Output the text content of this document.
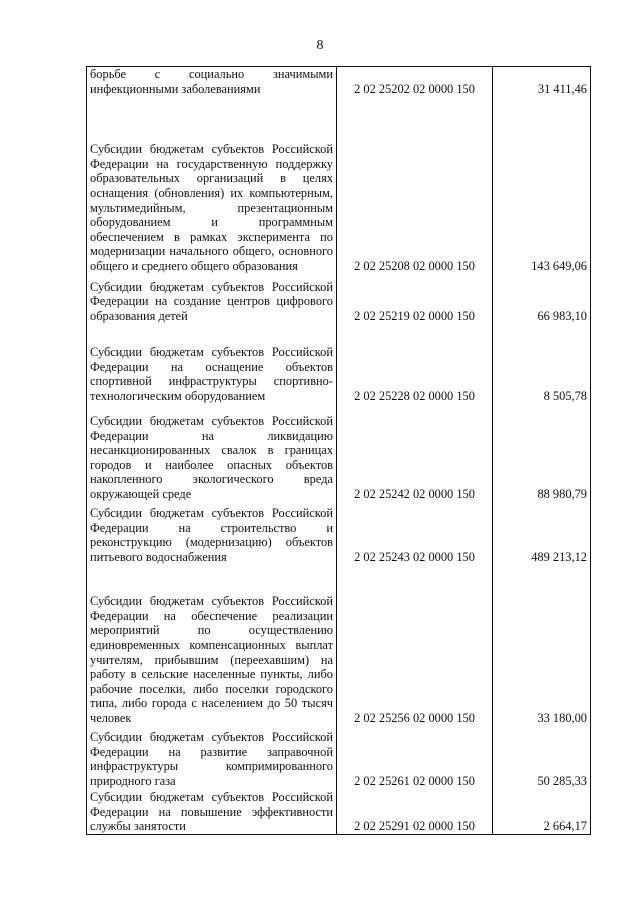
8
борьбе с социально значимыми инфекционными заболеваниями	2 02 25202 02 0000 150	31 411,46
Субсидии бюджетам субъектов Российской Федерации на государственную поддержку образовательных организаций в целях оснащения (обновления) их компьютерным, мультимедийным, презентационным оборудованием и программным обеспечением в рамках эксперимента по модернизации начального общего, основного общего и среднего общего образования	2 02 25208 02 0000 150	143 649,06
Субсидии бюджетам субъектов Российской Федерации на создание центров цифрового образования детей	2 02 25219 02 0000 150	66 983,10
Субсидии бюджетам субъектов Российской Федерации на оснащение объектов спортивной инфраструктуры спортивно-технологическим оборудованием	2 02 25228 02 0000 150	8 505,78
Субсидии бюджетам субъектов Российской Федерации на ликвидацию несанкционированных свалок в границах городов и наиболее опасных объектов накопленного экологического вреда окружающей среде	2 02 25242 02 0000 150	88 980,79
Субсидии бюджетам субъектов Российской Федерации на строительство и реконструкцию (модернизацию) объектов питьевого водоснабжения	2 02 25243 02 0000 150	489 213,12
Субсидии бюджетам субъектов Российской Федерации на обеспечение реализации мероприятий по осуществлению единовременных компенсационных выплат учителям, прибывшим (переехавшим) на работу в сельские населенные пункты, либо рабочие поселки, либо поселки городского типа, либо города с населением до 50 тысяч человек	2 02 25256 02 0000 150	33 180,00
Субсидии бюджетам субъектов Российской Федерации на развитие заправочной инфраструктуры компримированного природного газа	2 02 25261 02 0000 150	50 285,33
Субсидии бюджетам субъектов Российской Федерации на повышение эффективности службы занятости	2 02 25291 02 0000 150	2 664,17
